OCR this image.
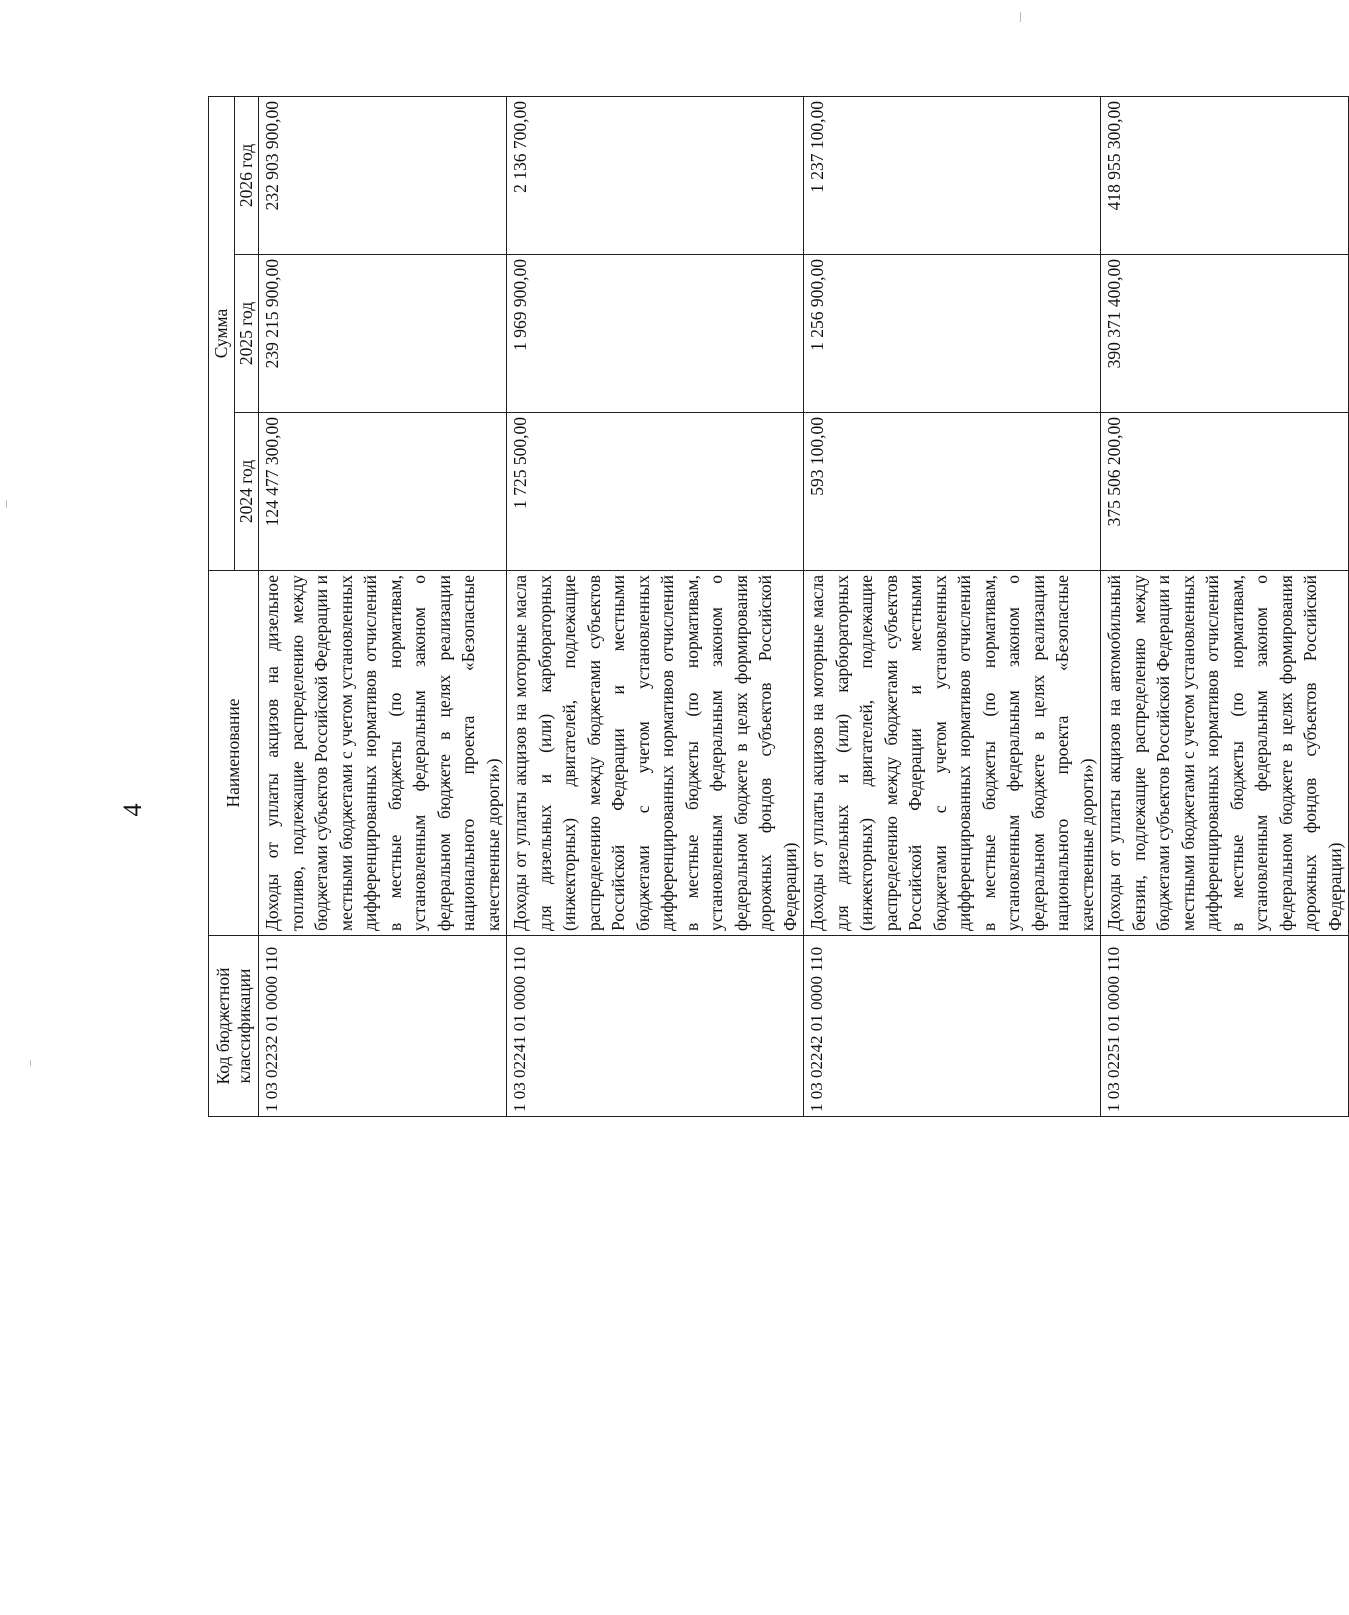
4
Код бюджетной классификации	Наименование	Сумма		
		2024 год	2025 год	2026 год
1 03 02232 01 0000 110	Доходы от уплаты акцизов на дизельное топливо, подлежащие распределению между бюджетами субъектов Российской Федерации и местными бюджетами с учетом установленных дифференцированных нормативов отчислений в местные бюджеты (по нормативам, установленным федеральным законом о федеральном бюджете в целях реализации национального проекта «Безопасные качественные дороги»)	124 477 300,00	239 215 900,00	232 903 900,00
1 03 02241 01 0000 110	Доходы от уплаты акцизов на моторные масла для дизельных и (или) карбюраторных (инжекторных) двигателей, подлежащие распределению между бюджетами субъектов Российской Федерации и местными бюджетами с учетом установленных дифференцированных нормативов отчислений в местные бюджеты (по нормативам, установленным федеральным законом о федеральном бюджете в целях формирования дорожных фондов субъектов Российской Федерации)	1 725 500,00	1 969 900,00	2 136 700,00
1 03 02242 01 0000 110	Доходы от уплаты акцизов на моторные масла для дизельных и (или) карбюраторных (инжекторных) двигателей, подлежащие распределению между бюджетами субъектов Российской Федерации и местными бюджетами с учетом установленных дифференцированных нормативов отчислений в местные бюджеты (по нормативам, установленным федеральным законом о федеральном бюджете в целях реализации национального проекта «Безопасные качественные дороги»)	593 100,00	1 256 900,00	1 237 100,00
1 03 02251 01 0000 110	Доходы от уплаты акцизов на автомобильный бензин, подлежащие распределению между бюджетами субъектов Российской Федерации и местными бюджетами с учетом установленных дифференцированных нормативов отчислений в местные бюджеты (по нормативам, установленным федеральным законом о федеральном бюджете в целях формирования дорожных фондов субъектов Российской Федерации)	375 506 200,00	390 371 400,00	418 955 300,00
